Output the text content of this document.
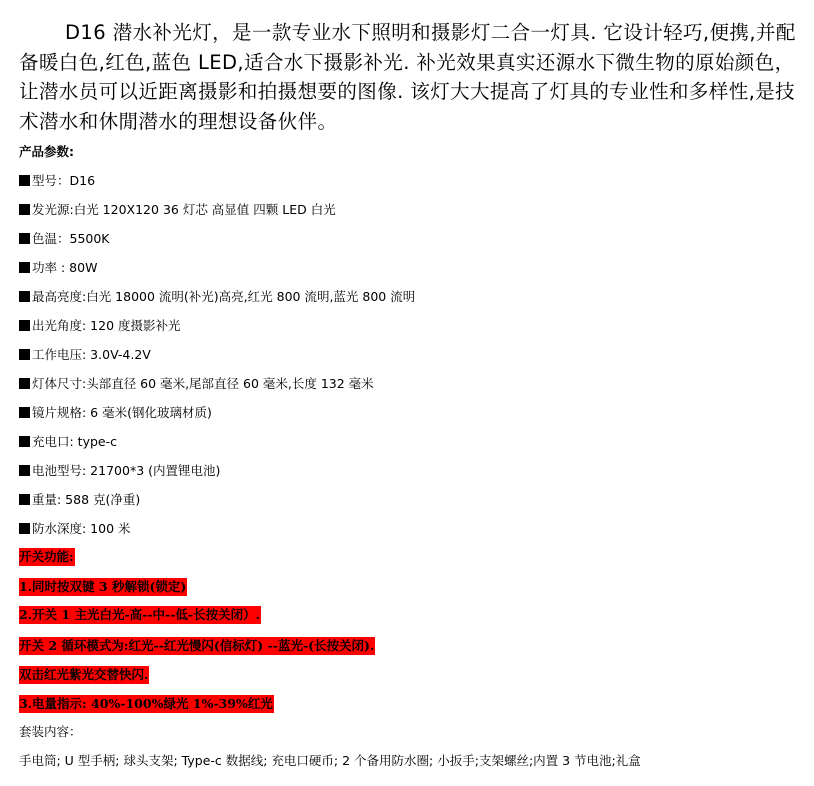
D16 潜水补光灯，是一款专业水下照明和摄影灯二合一灯具. 它设计轻巧,便携,并配备暖白色,红色,蓝色 LED,适合水下摄影补光. 补光效果真实还源水下微生物的原始颜色，让潜水员可以近距离摄影和拍摄想要的图像. 该灯大大提高了灯具的专业性和多样性,是技术潜水和休閒潜水的理想设备伙伴。

产品参数:
型号：D16
发光源:白光 120X120 36 灯芯 高显值 四颗 LED 白光
色温：5500K
功率 : 80W
最高亮度:白光 18000 流明(补光)高亮,红光 800 流明,蓝光 800 流明
出光角度: 120 度摄影补光
工作电压: 3.0V-4.2V
灯体尺寸:头部直径 60 毫米,尾部直径 60 毫米,长度 132 毫米
镜片规格: 6 毫米(钢化玻璃材质)
充电口: type-c
电池型号: 21700*3 (内置锂电池)
重量: 588 克(净重)
防水深度: 100 米
开关功能:
1.同时按双键 3 秒解锁(锁定)
2.开关 1 主光白光-高--中--低-长按关闭）.
开关 2 循环模式为:红光--红光慢闪(信标灯) --蓝光-(长按关闭).
双击红光紫光交替快闪.
3.电量指示: 40%-100%绿光 1%-39%红光
套装内容：
手电筒; U 型手柄; 球头支架; Type-c 数据线; 充电口硬币; 2 个备用防水圈; 小扳手;支架螺丝;内置 3 节电池;礼盒
